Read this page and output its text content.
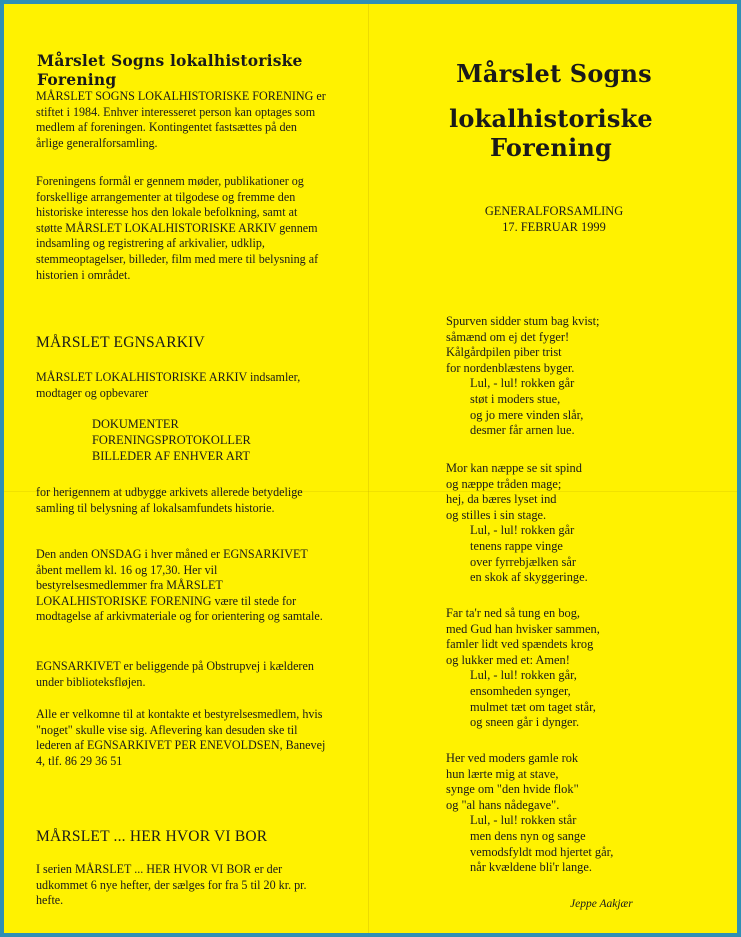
Mårslet Sogns lokalhistoriske Forening

MÅRSLET SOGNS LOKALHISTORISKE FORENING er stiftet i 1984. Enhver interesseret person kan optages som medlem af foreningen. Kontingentet fastsættes på den årlige generalforsamling.

Foreningens formål er gennem møder, publikationer og forskellige arrangementer at tilgodese og fremme den historiske interesse hos den lokale befolkning, samt at støtte MÅRSLET LOKALHISTORISKE ARKIV gennem indsamling og registrering af arkivalier, udklip, stemmeoptagelser, billeder, film med mere til belysning af historien i området.

MÅRSLET EGNSARKIV

MÅRSLET LOKALHISTORISKE ARKIV indsamler, modtager og opbevarer

DOKUMENTER
FORENINGSPROTOKOLLER
BILLEDER AF ENHVER ART

for herigennem at udbygge arkivets allerede betydelige samling til belysning af lokalsamfundets historie.

Den anden ONSDAG i hver måned er EGNSARKIVET åbent mellem kl. 16 og 17,30. Her vil bestyrelsesmedlemmer fra MÅRSLET LOKALHISTORISKE FORENING være til stede for modtagelse af arkivmateriale og for orientering og samtale.

EGNSARKIVET er beliggende på Obstrupvej i kælderen under biblioteksfløjen.

Alle er velkomne til at kontakte et bestyrelsesmedlem, hvis "noget" skulle vise sig. Aflevering kan desuden ske til lederen af EGNSARKIVET PER ENEVOLDSEN, Banevej 4, tlf. 86 29 36 51

MÅRSLET ... HER HVOR VI BOR

I serien MÅRSLET ... HER HVOR VI BOR er der udkommet 6 nye hefter, der sælges for fra 5 til 20 kr. pr. hefte.

Mårslet Sogns
lokalhistoriske Forening
GENERALFORSAMLING
17. FEBRUAR 1999
Spurven sidder stum bag kvist;
såmænd om ej det fyger!
Kålgårdpilen piber trist
for nordenblæstens byger.
Lul, - lul! rokken går
støt i moders stue,
og jo mere vinden slår,
desmer får arnen lue.
Mor kan næppe se sit spind
og næppe tråden mage;
hej, da bæres lyset ind
og stilles i sin stage.
Lul, - lul! rokken går
tenens rappe vinge
over fyrrebjælken sår
en skok af skyggeringe.
Far ta'r ned så tung en bog,
med Gud han hvisker sammen,
famler lidt ved spændets krog
og lukker med et: Amen!
Lul, - lul! rokken går,
ensomheden synger,
mulmet tæt om taget står,
og sneen går i dynger.
Her ved moders gamle rok
hun lærte mig at stave,
synge om "den hvide flok"
og "al hans nådegave".
Lul, - lul! rokken står
men dens nyn og sange
vemodsfyldt mod hjertet går,
når kvældene bli'r lange.
Jeppe Aakjær
